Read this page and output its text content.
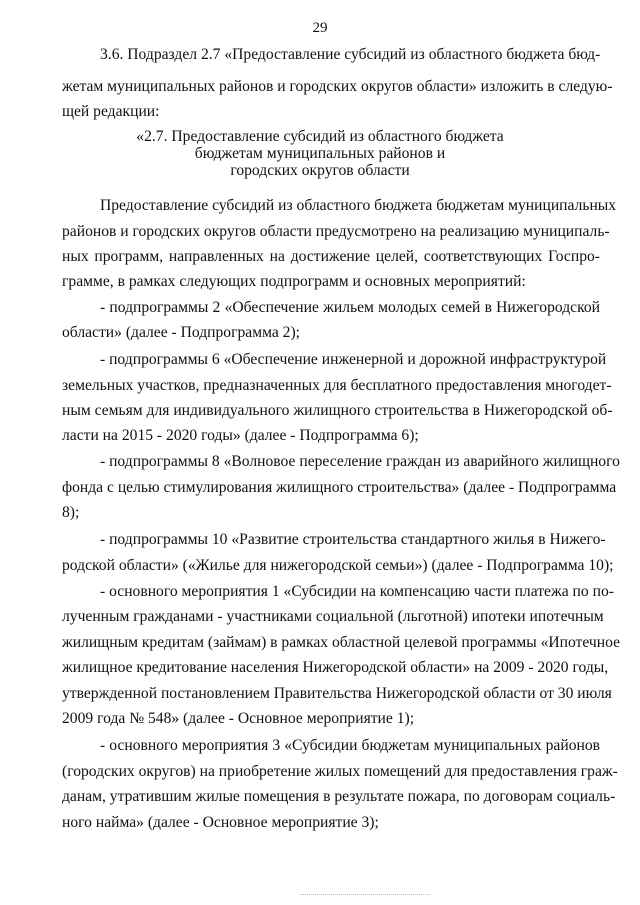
29
3.6. Подраздел 2.7 «Предоставление субсидий из областного бюджета бюд-
жетам муниципальных районов и городских округов области» изложить в следую-
щей редакции:
«2.7. Предоставление субсидий из областного бюджета
бюджетам муниципальных районов и
городских округов области
Предоставление субсидий из областного бюджета бюджетам муниципальных
районов и городских округов области предусмотрено на реализацию муниципаль-
ных программ, направленных на достижение целей, соответствующих Госпро-
грамме, в рамках следующих подпрограмм и основных мероприятий:
- подпрограммы 2 «Обеспечение жильем молодых семей в Нижегородской
области» (далее - Подпрограмма 2);
- подпрограммы 6 «Обеспечение инженерной и дорожной инфраструктурой
земельных участков, предназначенных для бесплатного предоставления многодет-
ным семьям для индивидуального жилищного строительства в Нижегородской об-
ласти на 2015 - 2020 годы» (далее - Подпрограмма 6);
- подпрограммы 8 «Волновое переселение граждан из аварийного жилищного
фонда с целью стимулирования жилищного строительства» (далее - Подпрограмма
8);
- подпрограммы 10 «Развитие строительства стандартного жилья в Нижего-
родской области» («Жилье для нижегородской семьи») (далее - Подпрограмма 10);
- основного мероприятия 1 «Субсидии на компенсацию части платежа по по-
лученным гражданами - участниками социальной (льготной) ипотеки ипотечным
жилищным кредитам (займам) в рамках областной целевой программы «Ипотечное
жилищное кредитование населения Нижегородской области» на 2009 - 2020 годы,
утвержденной постановлением Правительства Нижегородской области от 30 июля
2009 года № 548» (далее - Основное мероприятие 1);
- основного мероприятия 3 «Субсидии бюджетам муниципальных районов
(городских округов) на приобретение жилых помещений для предоставления граж-
данам, утратившим жилые помещения в результате пожара, по договорам социаль-
ного найма» (далее - Основное мероприятие 3);
